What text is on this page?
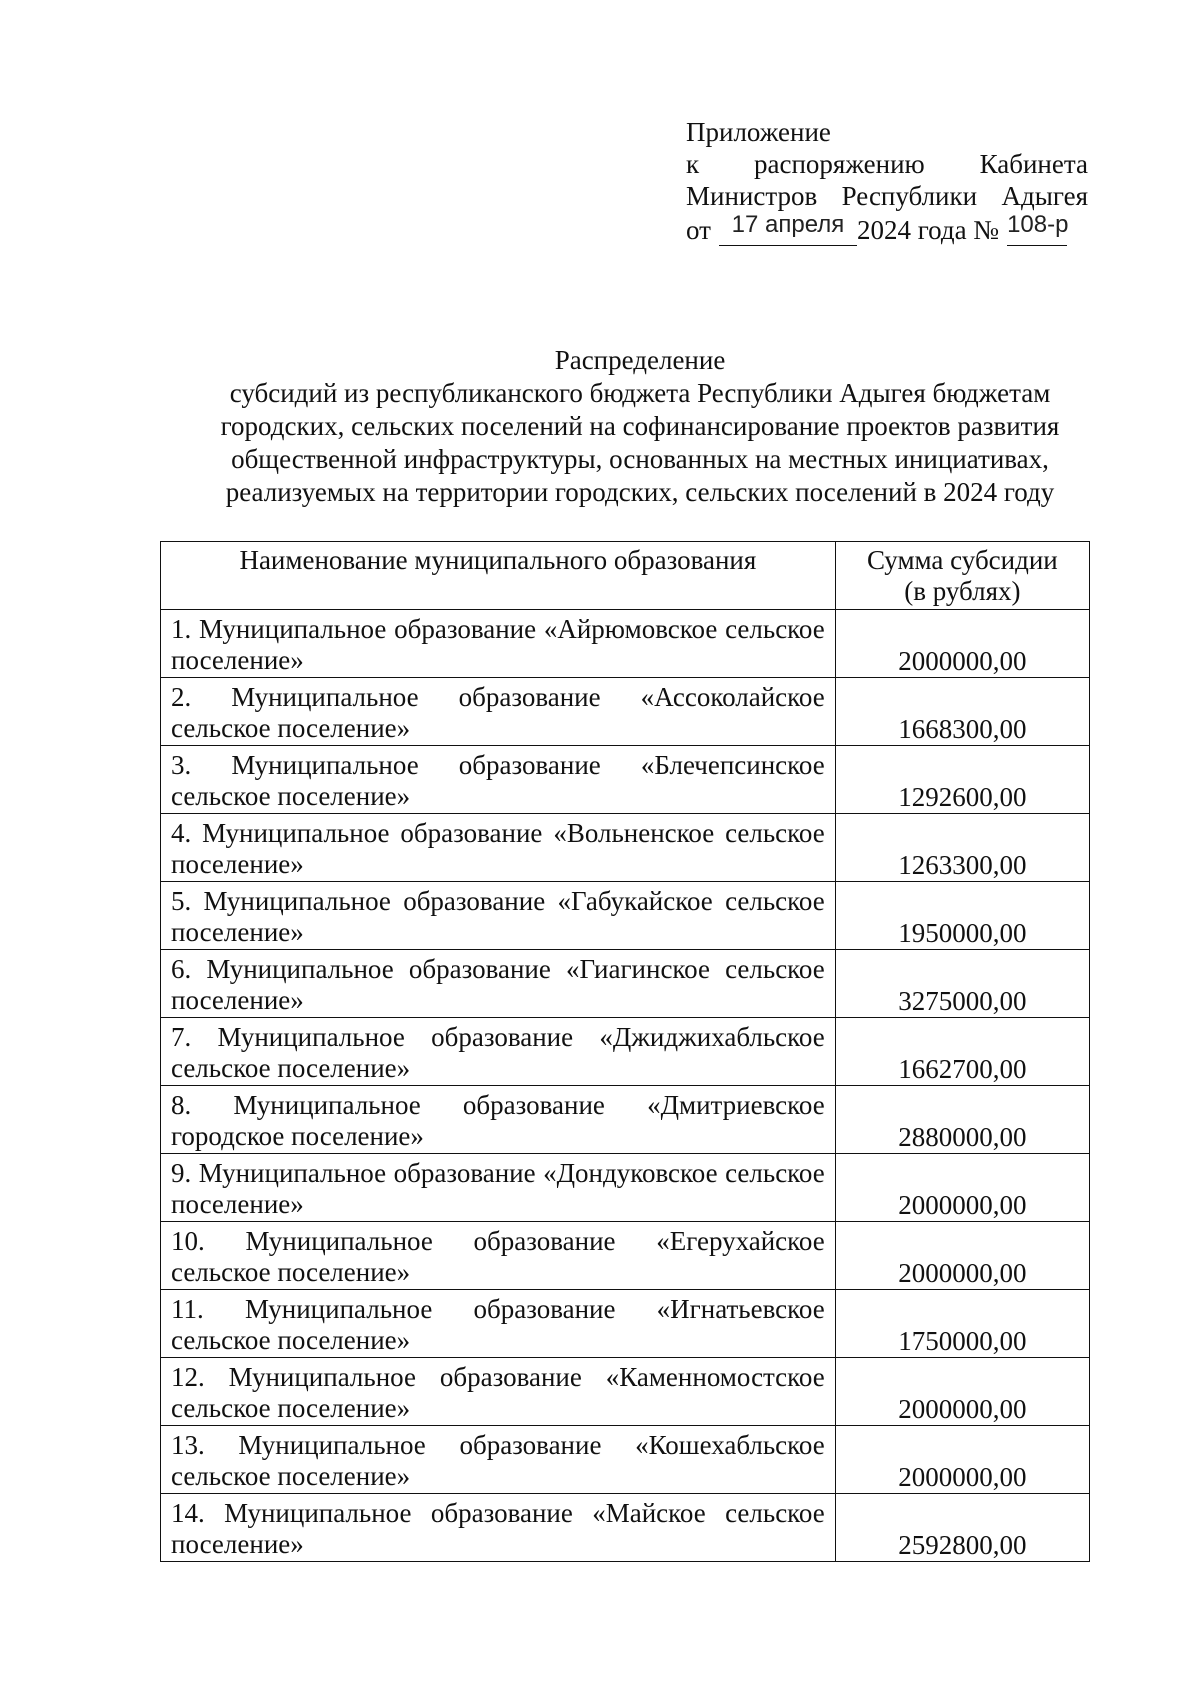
Приложение
к распоряжению Кабинета
Министров Республики Адыгея
от 17 апреля 2024 года № 108-р
Распределение
субсидий из республиканского бюджета Республики Адыгея бюджетам
городских, сельских поселений на софинансирование проектов развития
общественной инфраструктуры, основанных на местных инициативах,
реализуемых на территории городских, сельских поселений в 2024 году
Наименование муниципального образования	Сумма субсидии
(в рублях)

1. Муниципальное образование «Айрюмовское сельское поселение»	2000000,00
2. Муниципальное образование «Ассоколайское сельское поселение»	1668300,00
3. Муниципальное образование «Блечепсинское сельское поселение»	1292600,00
4. Муниципальное образование «Вольненское сельское поселение»	1263300,00
5. Муниципальное образование «Габукайское сельское поселение»	1950000,00
6. Муниципальное образование «Гиагинское сельское поселение»	3275000,00
7. Муниципальное образование «Джиджихабльское сельское поселение»	1662700,00
8. Муниципальное образование «Дмитриевское городское поселение»	2880000,00
9. Муниципальное образование «Дондуковское сельское поселение»	2000000,00
10. Муниципальное образование «Егерухайское сельское поселение»	2000000,00
11. Муниципальное образование «Игнатьевское сельское поселение»	1750000,00
12. Муниципальное образование «Каменномостское сельское поселение»	2000000,00
13. Муниципальное образование «Кошехабльское сельское поселение»	2000000,00
14. Муниципальное образование «Майское сельское поселение»	2592800,00
